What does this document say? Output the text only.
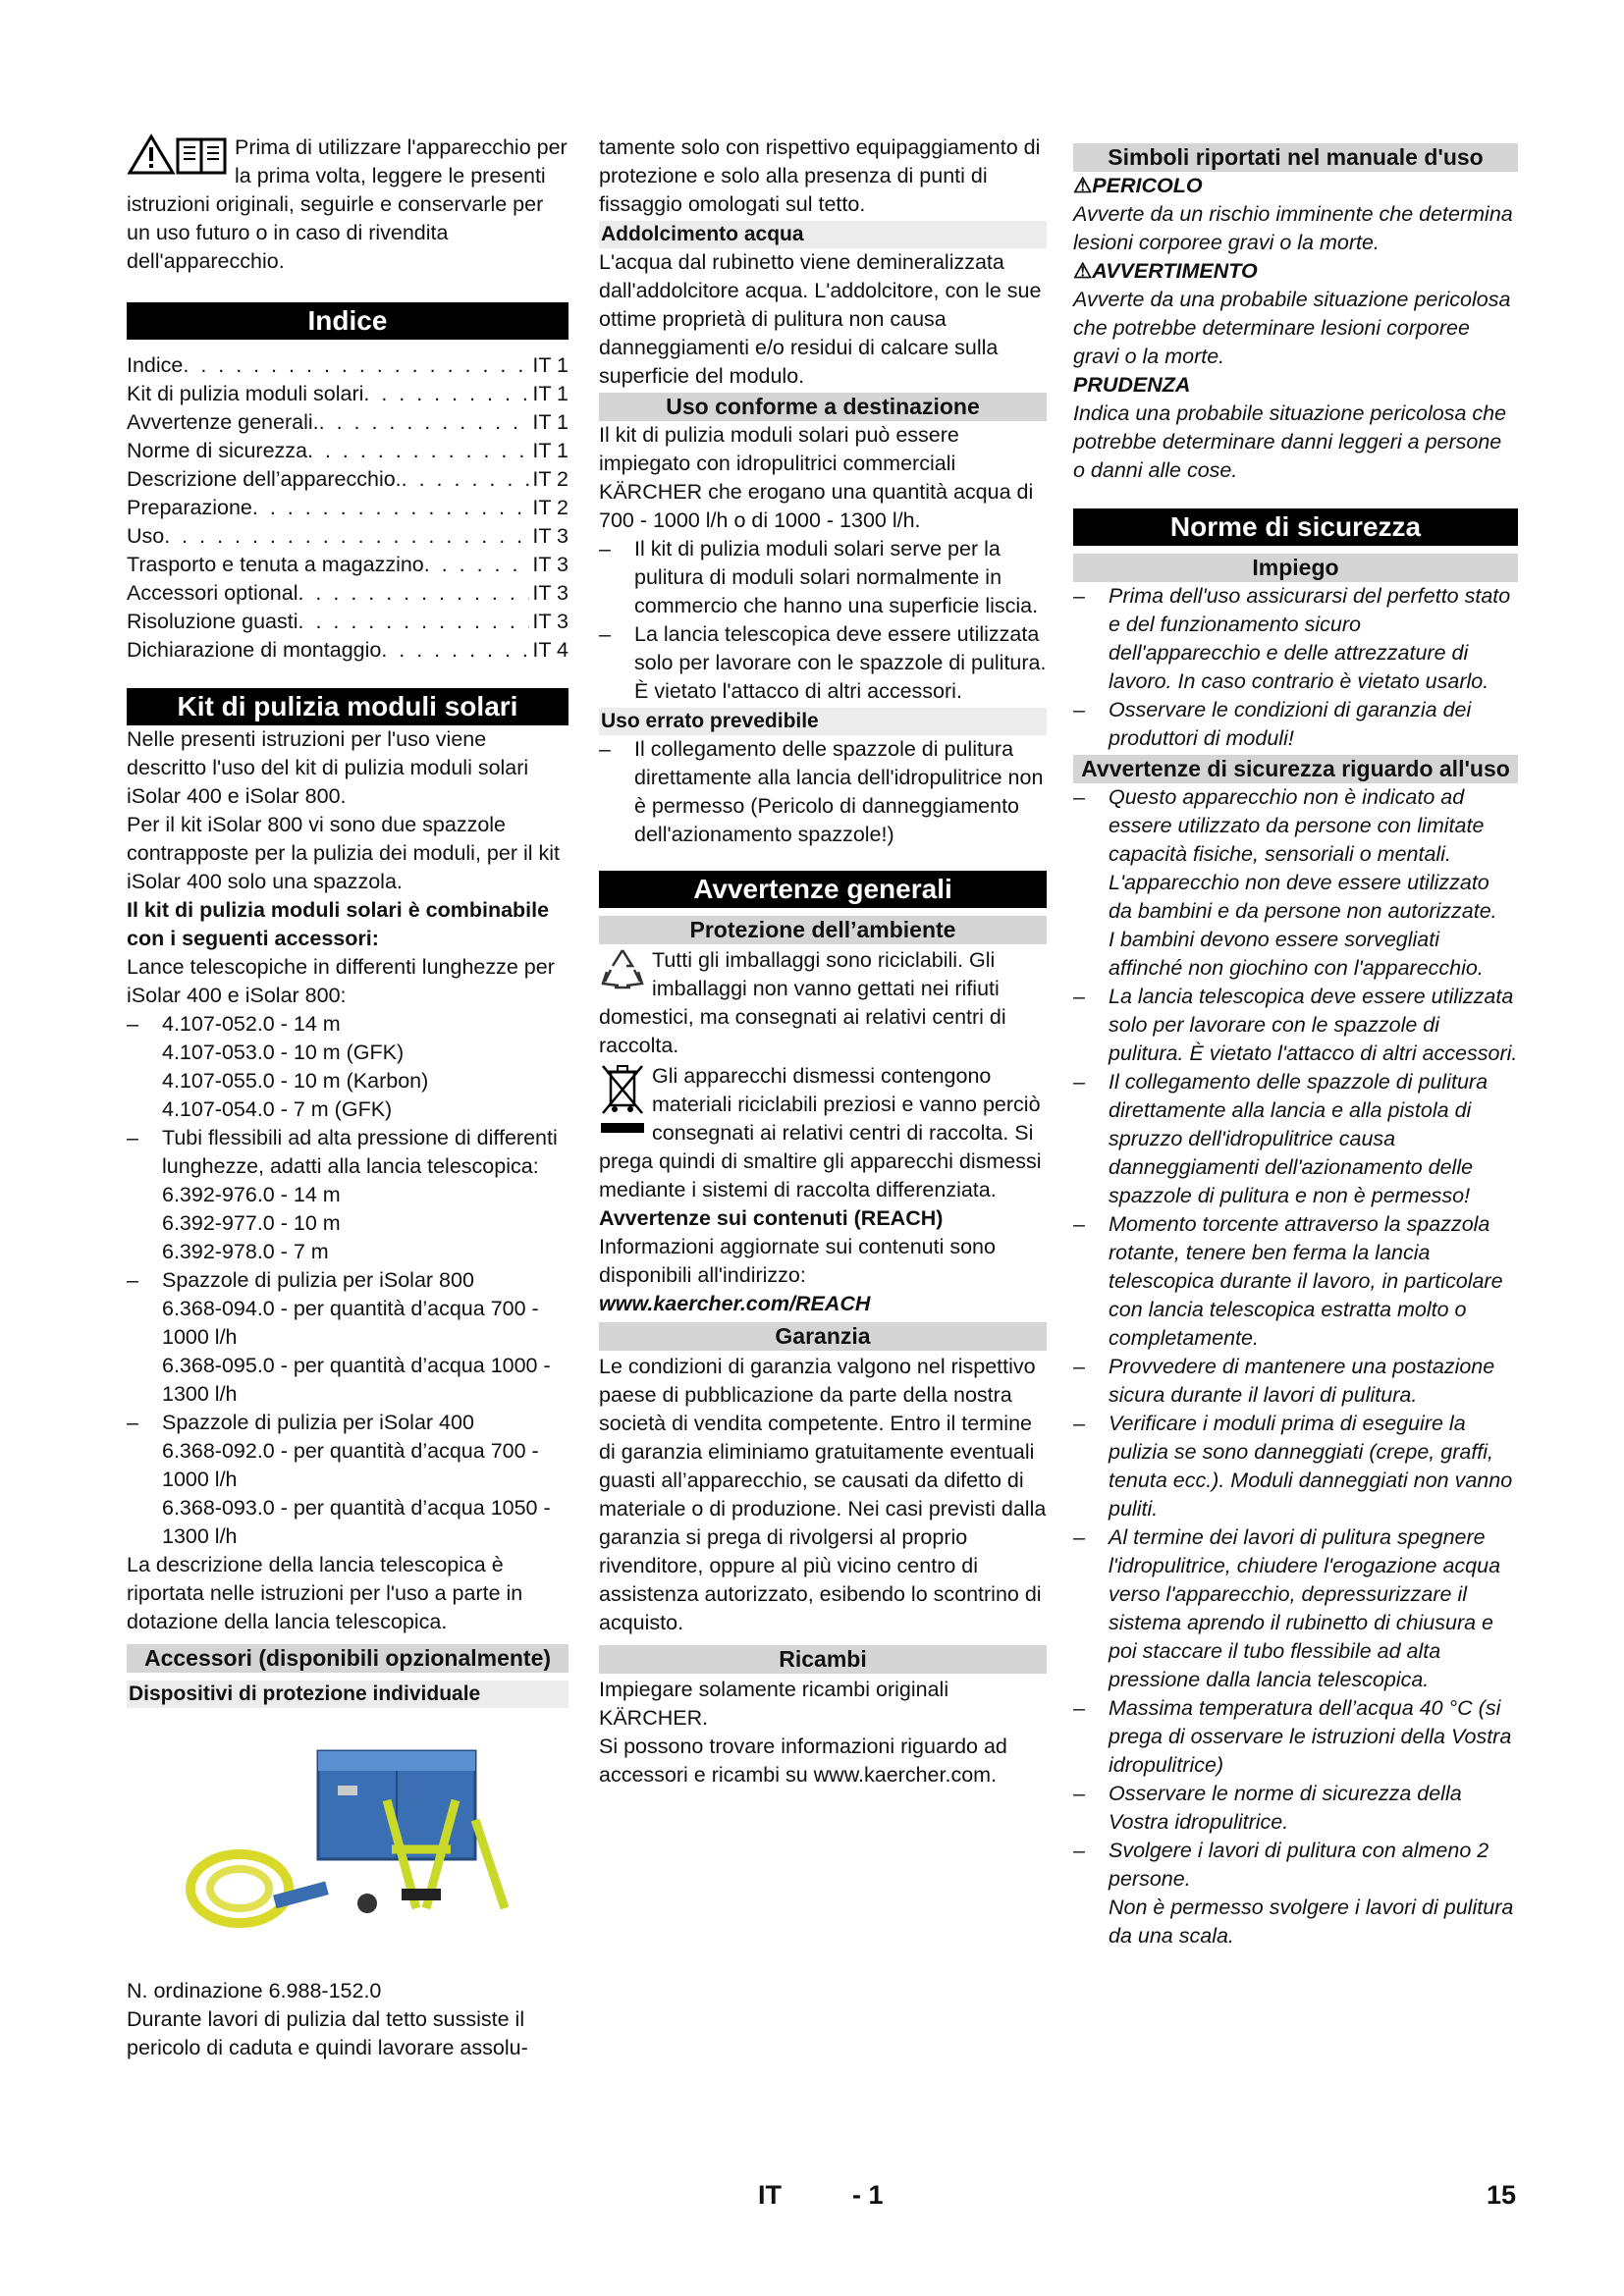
Prima di utilizzare l'apparecchio per la prima volta, leggere le presenti istruzioni originali, seguirle e conservarle per un uso futuro o in caso di rivendita dell'apparecchio.

Indice
Indice . . .	IT 1
Kit di pulizia moduli solari . . .	IT 1
Avvertenze generali. . . .	IT 1
Norme di sicurezza . . .	IT 1
Descrizione dell’apparecchio. . . .	IT 2
Preparazione . . .	IT 2
Uso . . .	IT 3
Trasporto e tenuta a magazzino . . .	IT 3
Accessori optional . . .	IT 3
Risoluzione guasti . . .	IT 3
Dichiarazione di montaggio . . .	IT 4
Kit di pulizia moduli solari

Nelle presenti istruzioni per l'uso viene descritto l'uso del kit di pulizia moduli solari iSolar 400 e iSolar 800.

Per il kit iSolar 800 vi sono due spazzole contrapposte per la pulizia dei moduli, per il kit iSolar 400 solo una spazzola.

Il kit di pulizia moduli solari è combinabile con i seguenti accessori:

Lance telescopiche in differenti lunghezze per iSolar 400 e iSolar 800:

– 4.107-052.0 - 14 m

4.107-053.0 - 10 m (GFK)

4.107-055.0 - 10 m (Karbon)

4.107-054.0 - 7 m (GFK)

– Tubi flessibili ad alta pressione di differenti lunghezze, adatti alla lancia telescopica:

6.392-976.0 - 14 m

6.392-977.0 - 10 m

6.392-978.0 - 7 m

– Spazzole di pulizia per iSolar 800

6.368-094.0 - per quantità d’acqua 700 - 1000 l/h

6.368-095.0 - per quantità d’acqua 1000 - 1300 l/h

– Spazzole di pulizia per iSolar 400

6.368-092.0 - per quantità d’acqua 700 - 1000 l/h

6.368-093.0 - per quantità d’acqua 1050 - 1300 l/h

La descrizione della lancia telescopica è riportata nelle istruzioni per l'uso a parte in dotazione della lancia telescopica.

Accessori (disponibili opzionalmente)
Dispositivi di protezione individuale

N. ordinazione 6.988-152.0

Durante lavori di pulizia dal tetto sussiste il pericolo di caduta e quindi lavorare assolu-

tamente solo con rispettivo equipaggiamento di protezione e solo alla presenza di punti di fissaggio omologati sul tetto.

Addolcimento acqua

L'acqua dal rubinetto viene demineralizzata dall'addolcitore acqua. L'addolcitore, con le sue ottime proprietà di pulitura non causa danneggiamenti e/o residui di calcare sulla superficie del modulo.

Uso conforme a destinazione

Il kit di pulizia moduli solari può essere impiegato con idropulitrici commerciali KÄRCHER che erogano una quantità acqua di 700 - 1000 l/h o di 1000 - 1300 l/h.

– Il kit di pulizia moduli solari serve per la pulitura di moduli solari normalmente in commercio che hanno una superficie liscia.

– La lancia telescopica deve essere utilizzata solo per lavorare con le spazzole di pulitura. È vietato l'attacco di altri accessori.

Uso errato prevedibile

– Il collegamento delle spazzole di pulitura direttamente alla lancia dell'idropulitrice non è permesso (Pericolo di danneggiamento dell'azionamento spazzole!)

Avvertenze generali
Protezione dell’ambiente

Tutti gli imballaggi sono riciclabili. Gli imballaggi non vanno gettati nei rifiuti domestici, ma consegnati ai relativi centri di raccolta.

Gli apparecchi dismessi contengono materiali riciclabili preziosi e vanno perciò consegnati ai relativi centri di raccolta. Si prega quindi di smaltire gli apparecchi dismessi mediante i sistemi di raccolta differenziata.

Avvertenze sui contenuti (REACH)

Informazioni aggiornate sui contenuti sono disponibili all'indirizzo:

www.kaercher.com/REACH

Garanzia

Le condizioni di garanzia valgono nel rispettivo paese di pubblicazione da parte della nostra società di vendita competente. Entro il termine di garanzia eliminiamo gratuitamente eventuali guasti all’apparecchio, se causati da difetto di materiale o di produzione. Nei casi previsti dalla garanzia si prega di rivolgersi al proprio rivenditore, oppure al più vicino centro di assistenza autorizzato, esibendo lo scontrino di acquisto.

Ricambi

Impiegare solamente ricambi originali KÄRCHER.

Si possono trovare informazioni riguardo ad accessori e ricambi su www.kaercher.com.

Simboli riportati nel manuale d'uso

⚠PERICOLO

Avverte da un rischio imminente che determina lesioni corporee gravi o la morte.

⚠AVVERTIMENTO

Avverte da una probabile situazione pericolosa che potrebbe determinare lesioni corporee gravi o la morte.

PRUDENZA

Indica una probabile situazione pericolosa che potrebbe determinare danni leggeri a persone o danni alle cose.

Norme di sicurezza
Impiego

– Prima dell'uso assicurarsi del perfetto stato e del funzionamento sicuro dell'apparecchio e delle attrezzature di lavoro. In caso contrario è vietato usarlo.

– Osservare le condizioni di garanzia dei produttori di moduli!

Avvertenze di sicurezza riguardo all'uso

– Questo apparecchio non è indicato ad essere utilizzato da persone con limitate capacità fisiche, sensoriali o mentali. L'apparecchio non deve essere utilizzato da bambini e da persone non autorizzate.

I bambini devono essere sorvegliati affinché non giochino con l'apparecchio.

– La lancia telescopica deve essere utilizzata solo per lavorare con le spazzole di pulitura. È vietato l'attacco di altri accessori.

– Il collegamento delle spazzole di pulitura direttamente alla lancia e alla pistola di spruzzo dell'idropulitrice causa danneggiamenti dell'azionamento delle spazzole di pulitura e non è permesso!

– Momento torcente attraverso la spazzola rotante, tenere ben ferma la lancia telescopica durante il lavoro, in particolare con lancia telescopica estratta molto o completamente.

– Provvedere di mantenere una postazione sicura durante il lavori di pulitura.

– Verificare i moduli prima di eseguire la pulizia se sono danneggiati (crepe, graffi, tenuta ecc.). Moduli danneggiati non vanno puliti.

– Al termine dei lavori di pulitura spegnere l'idropulitrice, chiudere l'erogazione acqua verso l'apparecchio, depressurizzare il sistema aprendo il rubinetto di chiusura e poi staccare il tubo flessibile ad alta pressione dalla lancia telescopica.

– Massima temperatura dell’acqua 40 °C (si prega di osservare le istruzioni della Vostra idropulitrice)

– Osservare le norme di sicurezza della Vostra idropulitrice.

– Svolgere i lavori di pulitura con almeno 2 persone.

Non è permesso svolgere i lavori di pulitura da una scala.

IT	- 1	15
